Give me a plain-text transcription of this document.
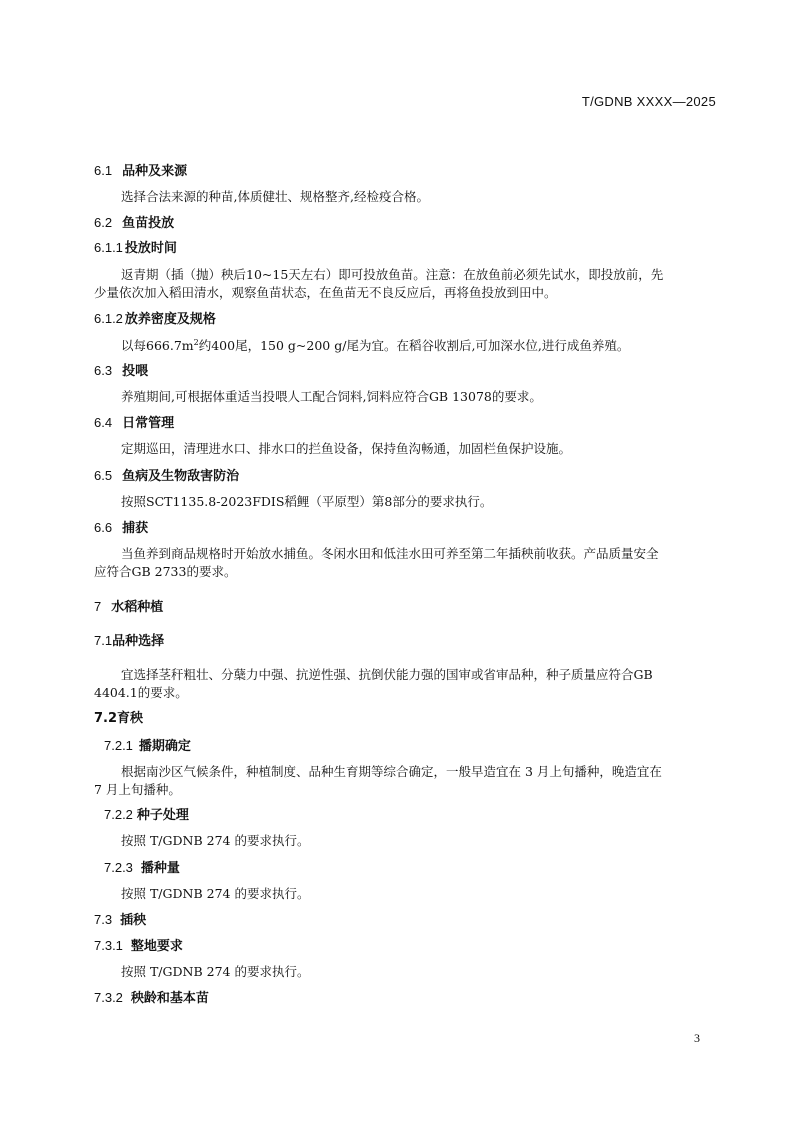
T/GDNB XXXX—2025
6.1 品种及来源
选择合法来源的种苗,体质健壮、规格整齐,经检疫合格。
6.2 鱼苗投放
6.1.1 投放时间
返青期（插（抛）秧后10~15天左右）即可投放鱼苗。注意：在放鱼前必须先试水，即投放前，先
少量依次加入稻田清水，观察鱼苗状态，在鱼苗无不良反应后，再将鱼投放到田中。
6.1.2 放养密度及规格
以每$666.7m^2$约400尾，150 g~200 g/尾为宜。在稻谷收割后,可加深水位,进行成鱼养殖。
6.3 投喂
养殖期间,可根据体重适当投喂人工配合饲料,饲料应符合GB 13078的要求。
6.4 日常管理
定期巡田，清理进水口、排水口的拦鱼设备，保持鱼沟畅通，加固栏鱼保护设施。
6.5 鱼病及生物敌害防治
按照SCT1135.8-2023FDIS稻鲤（平原型）第8部分的要求执行。
6.6 捕获
当鱼养到商品规格时开始放水捕鱼。冬闲水田和低洼水田可养至第二年插秧前收获。产品质量安全
应符合GB 2733的要求。
7 水稻种植
7.1品种选择
宜选择茎秆粗壮、分蘖力中强、抗逆性强、抗倒伏能力强的国审或省审品种，种子质量应符合GB
4404.1的要求。
7.2育秧
7.2.1 播期确定
根据南沙区气候条件，种植制度、品种生育期等综合确定，一般早造宜在 3 月上旬播种，晚造宜在
7 月上旬播种。
7.2.2 种子处理
按照 T/GDNB 274 的要求执行。
7.2.3 播种量
按照 T/GDNB 274 的要求执行。
7.3 插秧
7.3.1 整地要求
按照 T/GDNB 274 的要求执行。
7.3.2 秧龄和基本苗
3
